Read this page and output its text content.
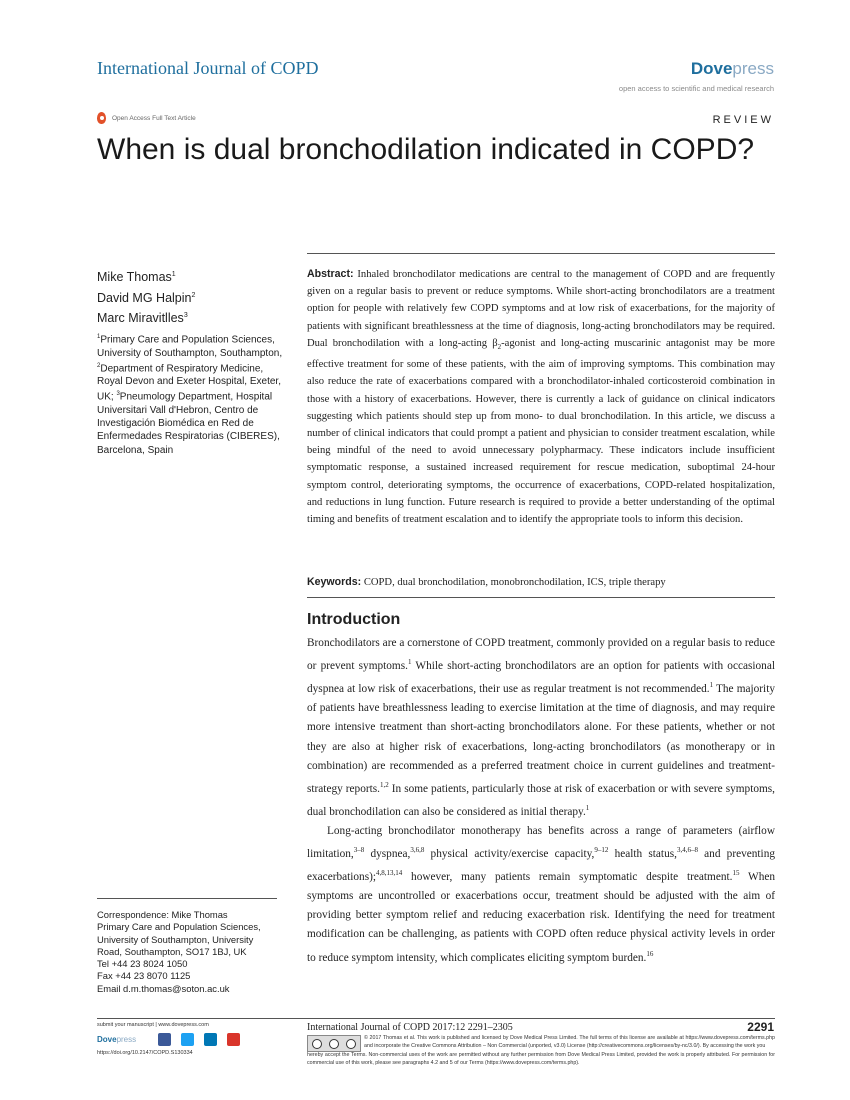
International Journal of COPD	Dovepress
open access to scientific and medical research
Open Access Full Text Article	REVIEW
When is dual bronchodilation indicated in COPD?
Mike Thomas$^1$
David MG Halpin$^2$
Marc Miravitlles$^3$
$^1$Primary Care and Population Sciences, University of Southampton, Southampton, $^2$Department of Respiratory Medicine, Royal Devon and Exeter Hospital, Exeter, UK; $^3$Pneumology Department, Hospital Universitari Vall d'Hebron, Centro de Investigación Biomédica en Red de Enfermedades Respiratorias (CIBERES), Barcelona, Spain
Abstract: Inhaled bronchodilator medications are central to the management of COPD and are frequently given on a regular basis to prevent or reduce symptoms. While short-acting bronchodilators are a treatment option for people with relatively few COPD symptoms and at low risk of exacerbations, for the majority of patients with significant breathlessness at the time of diagnosis, long-acting bronchodilators may be required. Dual bronchodilation with a long-acting $\beta_2$-agonist and long-acting muscarinic antagonist may be more effective treatment for some of these patients, with the aim of improving symptoms. This combination may also reduce the rate of exacerbations compared with a bronchodilator-inhaled corticosteroid combination in those with a history of exacerbations. However, there is currently a lack of guidance on clinical indicators suggesting which patients should step up from mono- to dual bronchodilation. In this article, we discuss a number of clinical indicators that could prompt a patient and physician to consider treatment escalation, while being mindful of the need to avoid unnecessary polypharmacy. These indicators include insufficient symptomatic response, a sustained increased requirement for rescue medication, suboptimal 24-hour symptom control, deteriorating symptoms, the occurrence of exacerbations, COPD-related hospitalization, and reductions in lung function. Future research is required to provide a better understanding of the optimal timing and benefits of treatment escalation and to identify the appropriate tools to inform this decision.
Keywords: COPD, dual bronchodilation, monobronchodilation, ICS, triple therapy
Introduction

Bronchodilators are a cornerstone of COPD treatment, commonly provided on a regular basis to reduce or prevent symptoms.$^1$ While short-acting bronchodilators are an option for patients with occasional dyspnea at low risk of exacerbations, their use as regular treatment is not recommended.$^1$ The majority of patients have breathlessness leading to exercise limitation at the time of diagnosis, and may require more intensive treatment than short-acting bronchodilators alone. For these patients, whether or not they are also at higher risk of exacerbations, long-acting bronchodilators (as monotherapy or in combination) are recommended as a preferred treatment choice in current guidelines and treatment-strategy reports.$^{1,2}$ In some patients, particularly those at risk of exacerbation or with severe symptoms, dual bronchodilation can also be considered as initial therapy.$^1$

Long-acting bronchodilator monotherapy has benefits across a range of parameters (airflow limitation,$^{3-8}$ dyspnea,$^{3,6,8}$ physical activity/exercise capacity,$^{9-12}$ health status,$^{3,4,6-8}$ and preventing exacerbations);$^{4,8,13,14}$ however, many patients remain symptomatic despite treatment.$^{15}$ When symptoms are uncontrolled or exacerbations occur, treatment should be adjusted with the aim of providing better symptom relief and reducing exacerbation risk. Identifying the need for treatment modification can be challenging, as patients with COPD often reduce physical activity levels in order to reduce symptom intensity, which complicates eliciting symptom burden.$^{16}$

Correspondence: Mike Thomas
Primary Care and Population Sciences,
University of Southampton, University
Road, Southampton, SO17 1BJ, UK
Tel +44 23 8024 1050
Fax +44 23 8070 1125
Email d.m.thomas@soton.ac.uk
submit your manuscript | www.dovepress.com
Dovepress
https://doi.org/10.2147/COPD.S130334
International Journal of COPD 2017:12 2291–2305	2291
© 2017 Thomas et al. This work is published and licensed by Dove Medical Press Limited. The full terms of this license are available at https://www.dovepress.com/terms.php and incorporate the Creative Commons Attribution – Non Commercial (unported, v3.0) License (http://creativecommons.org/licenses/by-nc/3.0/). By accessing the work you
hereby accept the Terms. Non-commercial uses of the work are permitted without any further permission from Dove Medical Press Limited, provided the work is properly attributed. For permission for commercial use of this work, please see paragraphs 4.2 and 5 of our Terms (https://www.dovepress.com/terms.php).
